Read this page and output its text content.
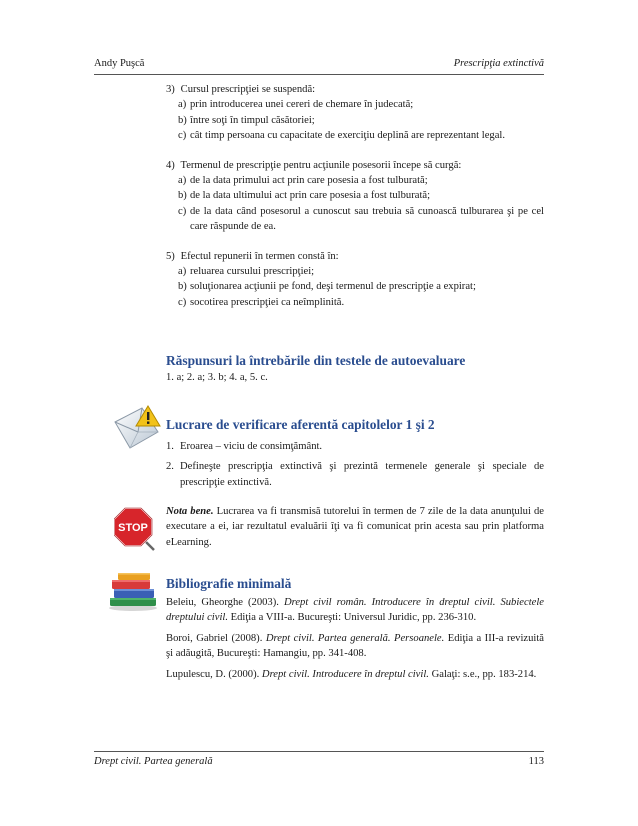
Andy Puşcă	Prescripţia extinctivă
3) Cursul prescripţiei se suspendă:
a) prin introducerea unei cereri de chemare în judecată;
b) între soţi în timpul căsătoriei;
c) cât timp persoana cu capacitate de exerciţiu deplină are reprezentant legal.
4) Termenul de prescripţie pentru acţiunile posesorii începe să curgă:
a) de la data primului act prin care posesia a fost tulburată;
b) de la data ultimului act prin care posesia a fost tulburată;
c) de la data când posesorul a cunoscut sau trebuia să cunoască tulburarea şi pe cel care răspunde de ea.
5) Efectul repunerii în termen constă în:
a) reluarea cursului prescripţiei;
b) soluţionarea acţiunii pe fond, deşi termenul de prescripţie a expirat;
c) socotirea prescripţiei ca neîmplinită.
Răspunsuri la întrebările din testele de autoevaluare
1. a; 2. a; 3. b; 4. a, 5. c.
Lucrare de verificare aferentă capitolelor 1 şi 2
1. Eroarea – viciu de consimţământ.
2. Defineşte prescripţia extinctivă şi prezintă termenele generale şi speciale de prescripţie extinctivă.
STOP
Nota bene. Lucrarea va fi transmisă tutorelui în termen de 7 zile de la data anunţului de executare a ei, iar rezultatul evaluării îţi va fi comunicat prin acesta sau prin platforma eLearning.
Bibliografie minimală

Beleiu, Gheorghe (2003). Drept civil român. Introducere în dreptul civil. Subiectele dreptului civil. Ediţia a VIII-a. Bucureşti: Universul Juridic, pp. 236-310.

Boroi, Gabriel (2008). Drept civil. Partea generală. Persoanele. Ediţia a III-a revizuită şi adăugită, Bucureşti: Hamangiu, pp. 341-408.

Lupulescu, D. (2000). Drept civil. Introducere în dreptul civil. Galaţi: s.e., pp. 183-214.

Drept civil. Partea generală	113
